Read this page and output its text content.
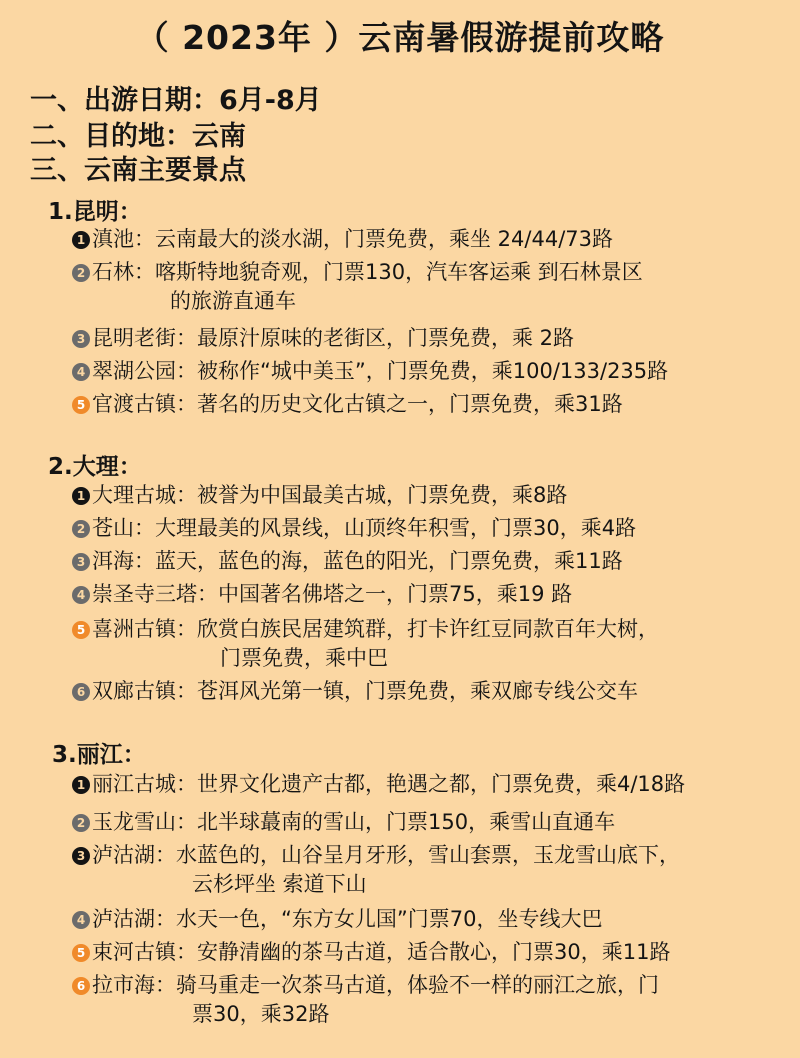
（ 2023年 ）云南暑假游提前攻略
一、出游日期：6月-8月
二、目的地：云南
三、云南主要景点
1.昆明：
1 滇池：云南最大的淡水湖，门票免费，乘坐 24/44/73路
2 石林：喀斯特地貌奇观，门票130，汽车客运乘 到石林景区
的旅游直通车
3 昆明老街：最原汁原味的老街区，门票免费，乘 2路
4 翠湖公园：被称作“城中美玉”，门票免费，乘100/133/235路
5 官渡古镇：著名的历史文化古镇之一，门票免费，乘31路
2.大理：
1 大理古城：被誉为中国最美古城，门票免费，乘8路
2 苍山：大理最美的风景线，山顶终年积雪，门票30，乘4路
3 洱海：蓝天，蓝色的海，蓝色的阳光，门票免费，乘11路
4 崇圣寺三塔：中国著名佛塔之一，门票75，乘19 路
5 喜洲古镇：欣赏白族民居建筑群，打卡许红豆同款百年大树，
门票免费，乘中巴
6 双廊古镇：苍洱风光第一镇，门票免费，乘双廊专线公交车
3.丽江：
1 丽江古城：世界文化遗产古都，艳遇之都，门票免费，乘4/18路
2 玉龙雪山：北半球蕞南的雪山，门票150，乘雪山直通车
3 泸沽湖：水蓝色的，山谷呈月牙形，雪山套票，玉龙雪山底下，
云杉坪坐 索道下山
4 泸沽湖：水天一色，“东方女儿国”门票70，坐专线大巴
5 束河古镇：安静清幽的茶马古道，适合散心，门票30，乘11路
6 拉市海：骑马重走一次茶马古道，体验不一样的丽江之旅，门
票30，乘32路
